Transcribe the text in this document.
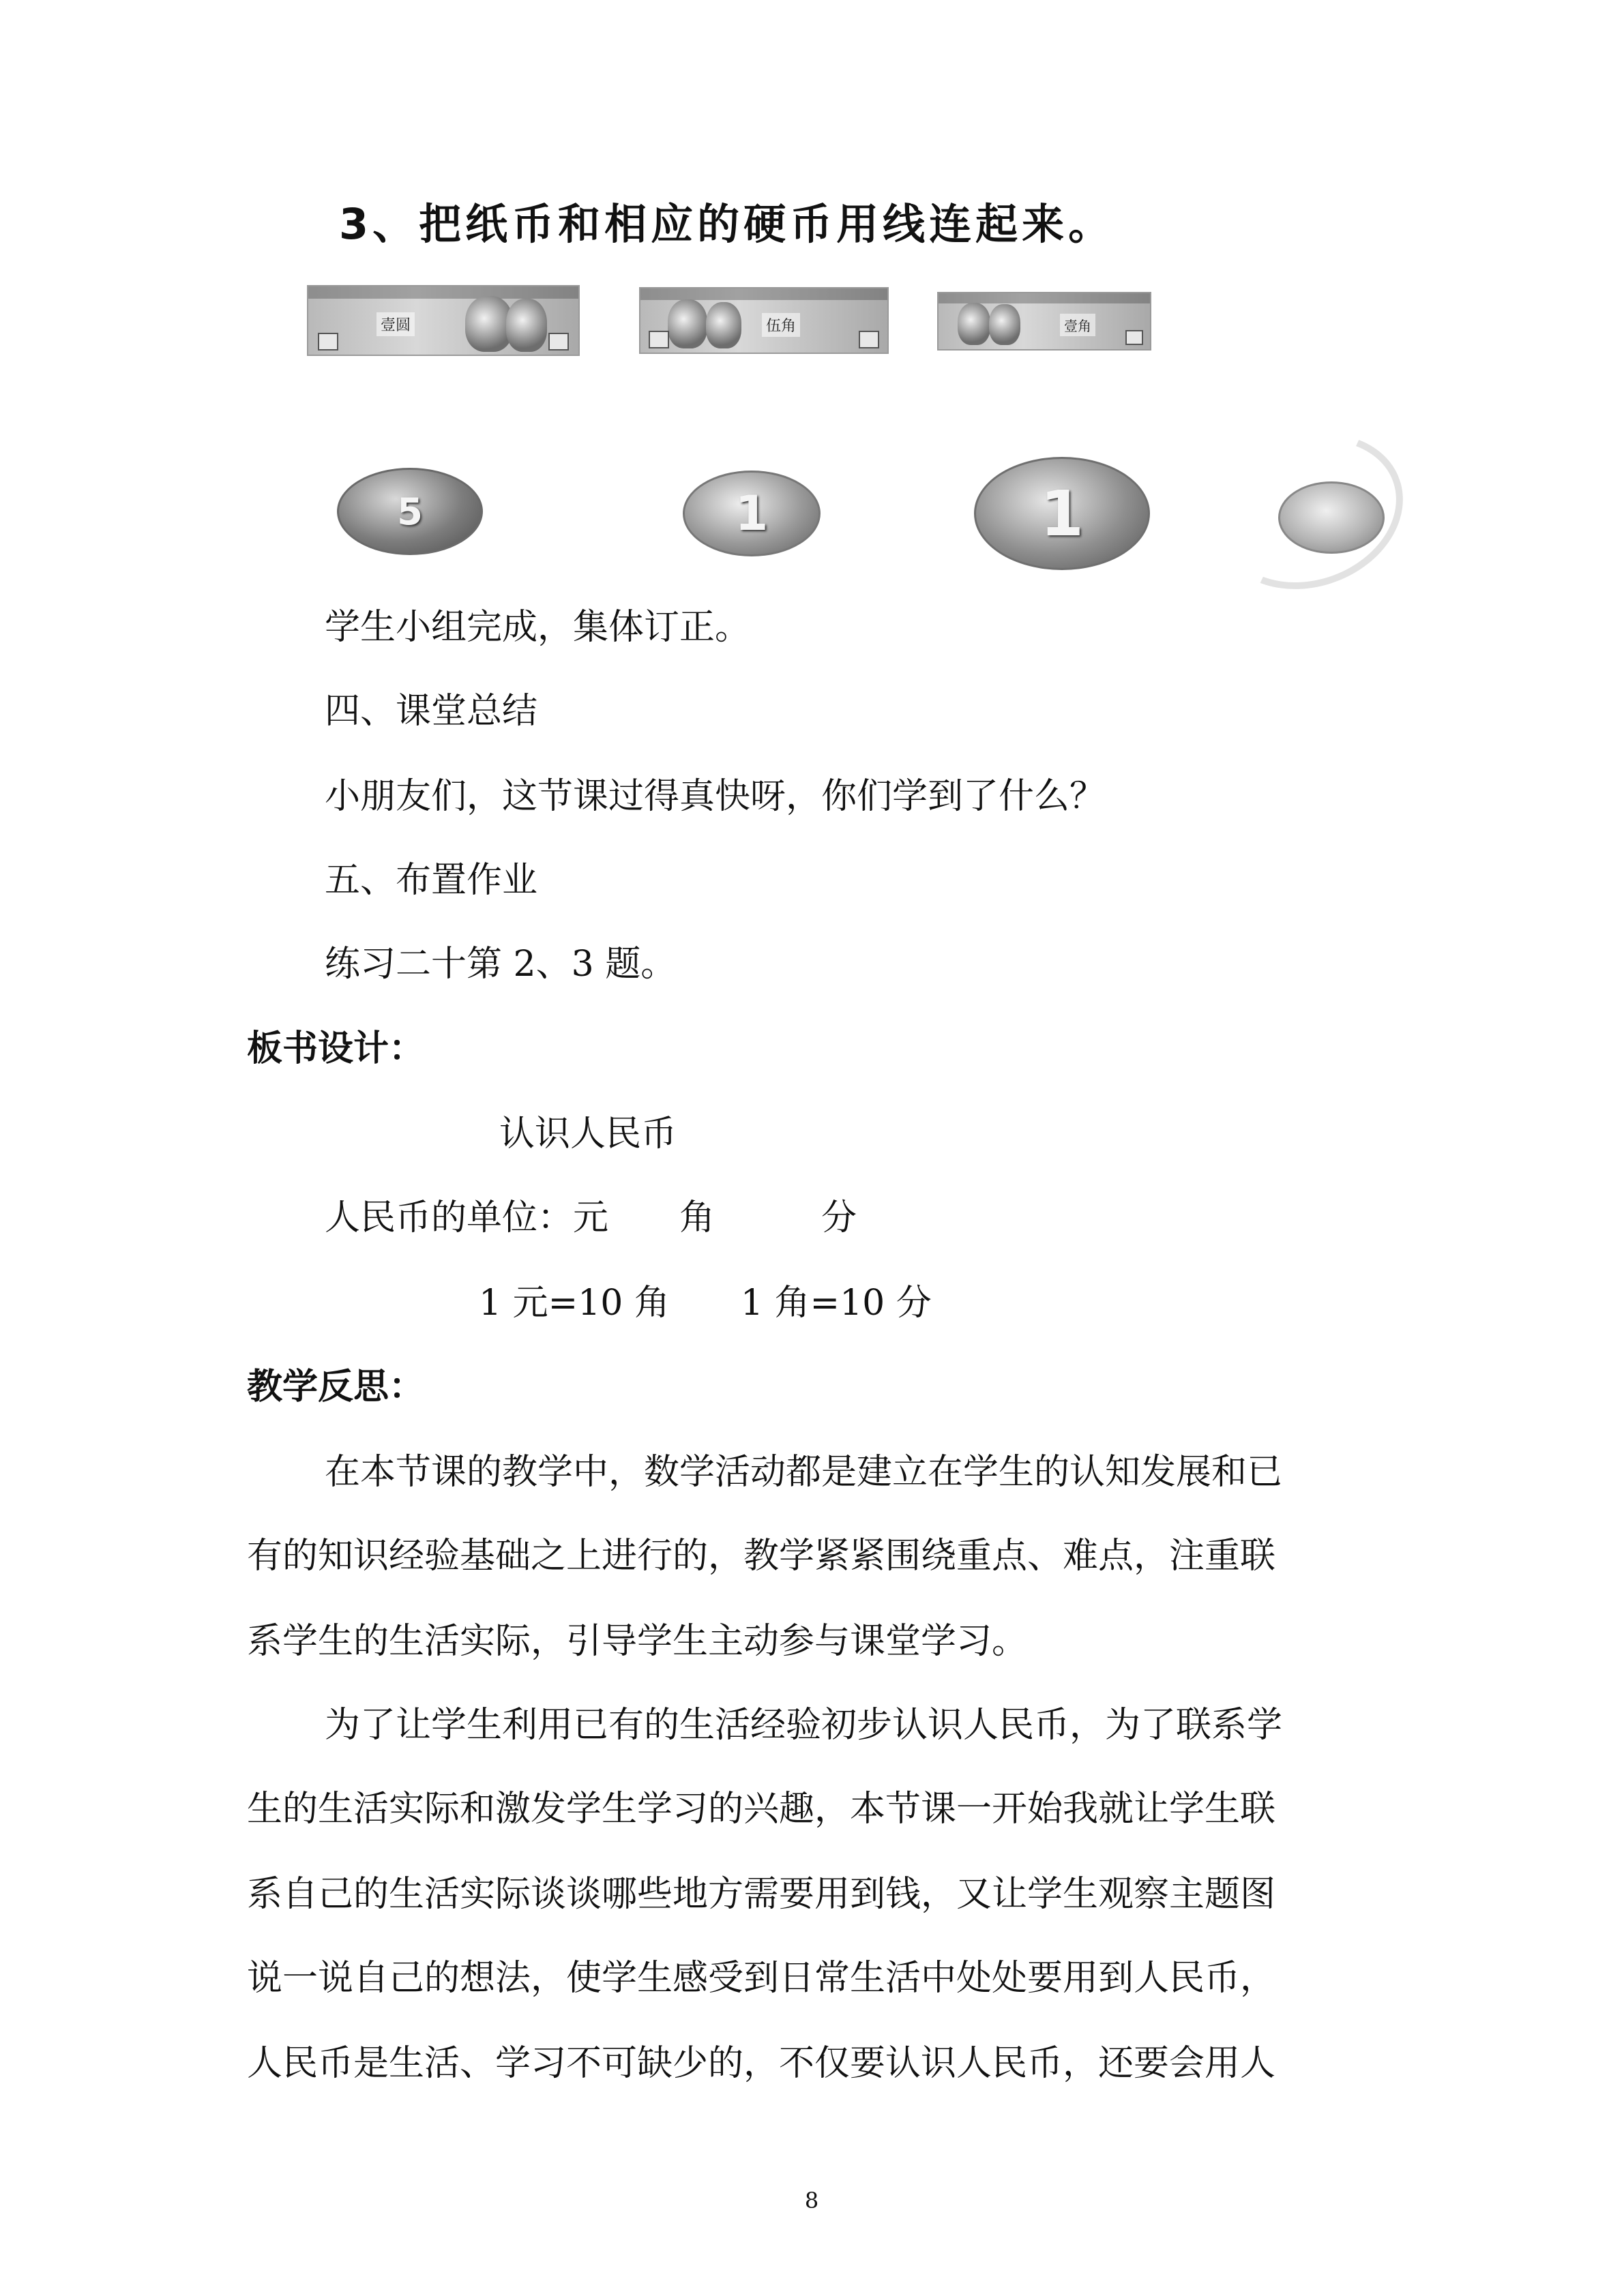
3、把纸币和相应的硬币用线连起来。
壹圆	伍角	壹角
5	1	1
学生小组完成，集体订正。
四、课堂总结
小朋友们，这节课过得真快呀，你们学到了什么？
五、布置作业
练习二十第 2、3 题。
板书设计：
认识人民币
人民币的单位：元　　角　　　分
1 元=10 角　　1 角=10 分
教学反思：
在本节课的教学中，数学活动都是建立在学生的认知发展和已
有的知识经验基础之上进行的，教学紧紧围绕重点、难点，注重联
系学生的生活实际，引导学生主动参与课堂学习。
为了让学生利用已有的生活经验初步认识人民币，为了联系学
生的生活实际和激发学生学习的兴趣，本节课一开始我就让学生联
系自己的生活实际谈谈哪些地方需要用到钱，又让学生观察主题图
说一说自己的想法，使学生感受到日常生活中处处要用到人民币，
人民币是生活、学习不可缺少的，不仅要认识人民币，还要会用人
8
